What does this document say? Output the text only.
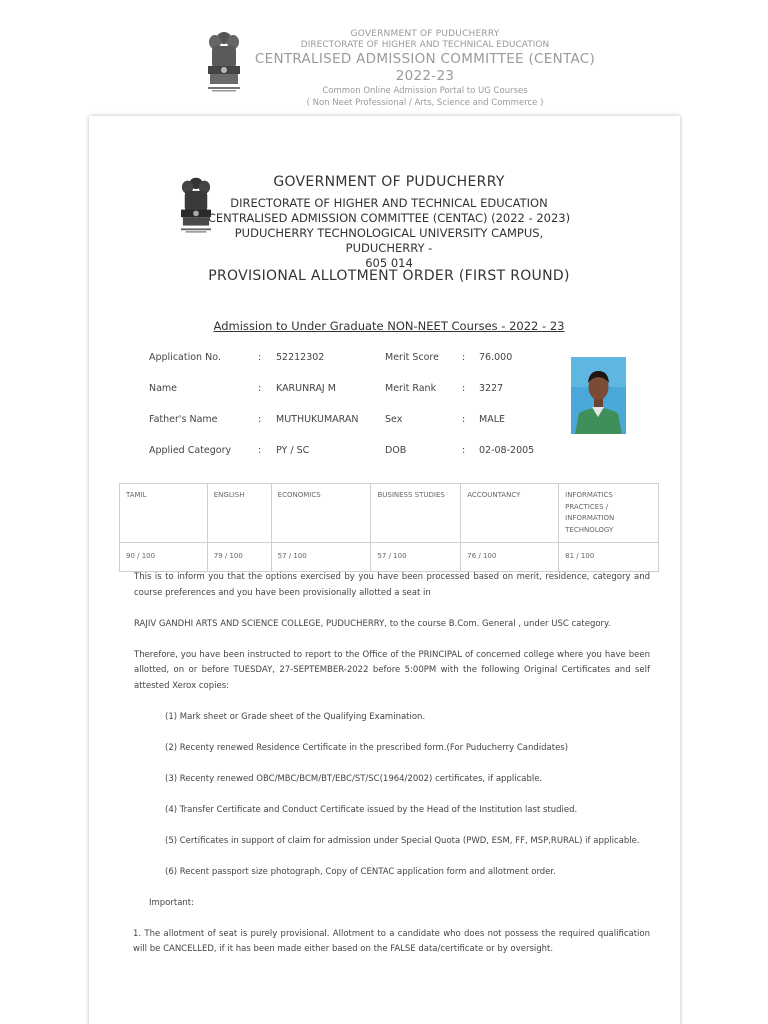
GOVERNMENT OF PUDUCHERRY
DIRECTORATE OF HIGHER AND TECHNICAL EDUCATION
CENTRALISED ADMISSION COMMITTEE (CENTAC) 2022-23
Common Online Admission Portal to UG Courses
( Non Neet Professional / Arts, Science and Commerce )
GOVERNMENT OF PUDUCHERRY
DIRECTORATE OF HIGHER AND TECHNICAL EDUCATION
CENTRALISED ADMISSION COMMITTEE (CENTAC) (2022 - 2023)
PUDUCHERRY TECHNOLOGICAL UNIVERSITY CAMPUS, PUDUCHERRY -
605 014
PROVISIONAL ALLOTMENT ORDER (FIRST ROUND)
Admission to Under Graduate NON-NEET Courses - 2022 - 23
Application No.	: 52212302	Merit Score : 76.000
Name	: KARUNRAJ M	Merit Rank	: 3227
Father's Name	: MUTHUKUMARAN	Sex	: MALE
Applied Category	: PY / SC	DOB	: 02-08-2005
TAMIL	ENGLISH	ECONOMICS	BUSINESS STUDIES	ACCOUNTANCY	INFORMATICS PRACTICES / INFORMATION TECHNOLOGY
90 / 100	79 / 100	57 / 100	57 / 100	76 / 100	81 / 100

This is to inform you that the options exercised by you have been processed based on merit, residence, category and course preferences and you have been provisionally allotted a seat in

RAJIV GANDHI ARTS AND SCIENCE COLLEGE, PUDUCHERRY, to the course B.Com. General , under USC category.

Therefore, you have been instructed to report to the Office of the PRINCIPAL of concerned college where you have been allotted, on or before TUESDAY, 27-SEPTEMBER-2022 before 5:00PM with the following Original Certificates and self attested Xerox copies:

(1) Mark sheet or Grade sheet of the Qualifying Examination.

(2) Recenty renewed Residence Certificate in the prescribed form.(For Puducherry Candidates)

(3) Recenty renewed OBC/MBC/BCM/BT/EBC/ST/SC(1964/2002) certificates, if applicable.

(4) Transfer Certificate and Conduct Certificate issued by the Head of the Institution last studied.

(5) Certificates in support of claim for admission under Special Quota (PWD, ESM, FF, MSP,RURAL) if applicable.

(6) Recent passport size photograph, Copy of CENTAC application form and allotment order.

Important:

1. The allotment of seat is purely provisional. Allotment to a candidate who does not possess the required qualification will be CANCELLED, if it has been made either based on the FALSE data/certificate or by oversight.
